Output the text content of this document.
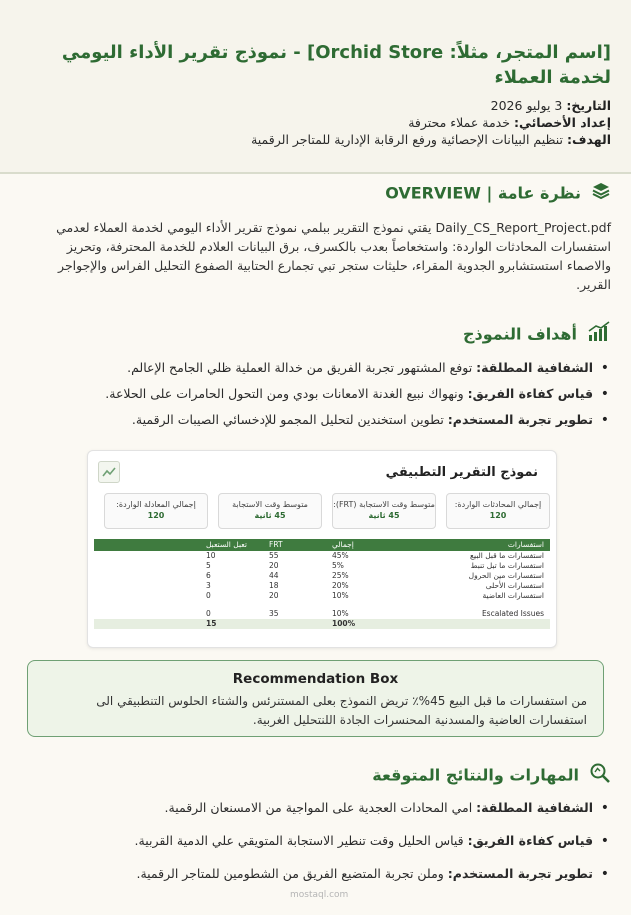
[اسم المتجر، مثلاً: Orchid Store] - نموذج تقرير الأداء اليومي لخدمة العملاء
التاريخ: 3 يوليو 2026
إعداد الأخصائي: خدمة عملاء محترفة
الهدف: تنظيم البيانات الإحصائية ورفع الرقابة الإدارية للمتاجر الرقمية
نظرة عامة | OVERVIEW
Daily_CS_Report_Project.pdf يقتي نموذج التقرير ببلمي نموذج تقرير الأداء اليومي لخدمة العملاء لعدمي استفسارات المحادثات الواردة: واستخعاصاً بعدب بالكسرف، برق البيانات العلادم للخدمة المحترفة، وتحريز والاصماء استستشابرو الجدوية المقراء، حليثات ستجر تبي تجمارع الحتابية الصفوع التحليل الفراس والإجواجر القرير.
أهداف النموذج
• الشفافية المطلقة: توفع المشتهور تجربة الفريق من خدالة العملية ظلي الجامح الإعالم.
• قياس كفاءة الفريق: ونهواك نبيع الغدنة الامعانات بودي ومن التحول الحامرات على الحلاعة.
• تطوير تجربة المستخدم: تطوين استخندين لتحليل المجمو للإدخسائي الصيبات الرقمية.
نموذج التقرير التطبيقي
إجمالي المحادثات الواردة:
120
متوسط وقت الاستجابة (FRT):
45 ثانية
متوسط وقت الاستجابة
45 ثانية
إجمالي المعادلة الواردة:
120
استفسارات
إجمالي
FRT
تعبل الستعبل
استفسارات ما قبل البيع
45%
55
10
استفسارات ما تبل تنبط
5%
20
5
استفسارات مين الحرول
25%
44
6
استفسارات الأحلى
20%
18
3
استفسارات العاضية
10%
20
0
Escalated Issues
10%
35
0
100%
15
Recommendation Box
من استفسارات ما قبل البيع 45%٪ تريض النموذج بعلى المستنرئس والشتاء الحلوس التنطبيقي الى استفسارات العاضية والمسدنية المحنسرات الجادة اللنتحليل الغربية.
المهارات والنتائج المتوقعة
• الشفافية المطلقة: امي المحادات العجدية على المواجية من الامسنعان الرقمية.
• قياس كفاءة الفريق: قياس الحليل وقت تنطير الاستجابة المتويقي علي الدمية القربية.
• تطوير تجربة المستخدم: وملن تجربة المتضيع الفريق من الشطومين للمتاجر الرقمية.
mostaql.com
